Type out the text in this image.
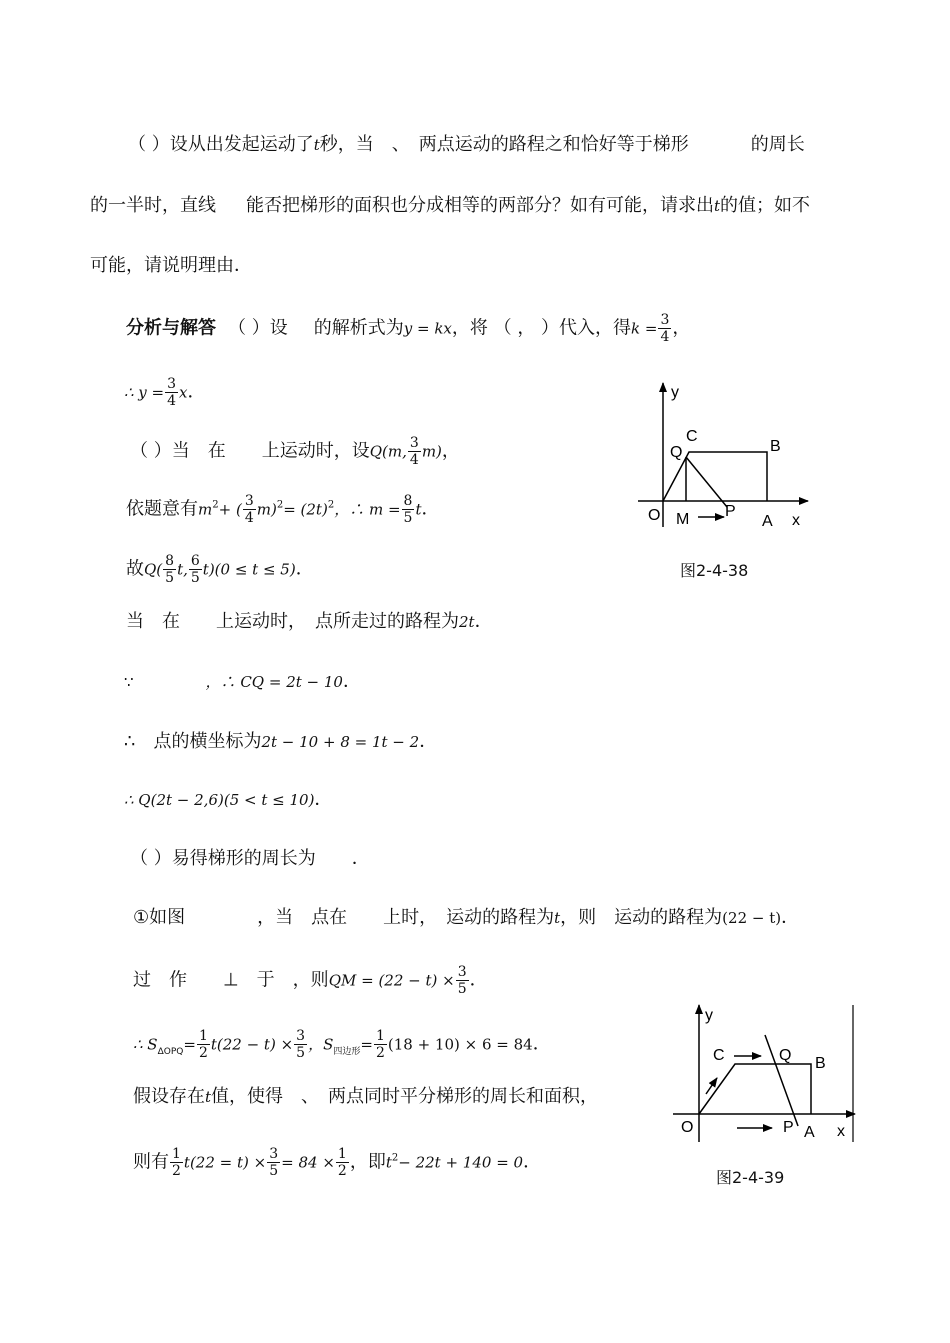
（ ）设从出发起运动了t秒，当　、　两点运动的路程之和恰好等于梯形	的周长
的一半时，直线 能否把梯形的面积也分成相等的两部分？如有可能，请求出t的值；如不
可能，请说明理由．
分析与解答 （ ）设 的解析式为y = kx，将 （ ， ）代入，得$k = \frac{3}{4}$ ，
∴ $y = \frac{3}{4}$ x．
（ ）当　在　　上运动时，设Q(m, $\frac{3}{4} m$)，
依题意有$m^2+$ ( $\frac{3}{4} m)^2= (2t)^2$，∴ $m = \frac{8}{5}$ t．
故$Q( \frac{8}{5} t$, $\frac{6}{5} t)(0 \le t \le 5)$．
当　在　　上运动时，　点所走过的路程为2t．
∵	，∴ CQ = 2t − 10．
∴　点的横坐标为2t − 10 + 8 = 1t − 2．
∴ Q(2t − 2,6)(5 < t ≤ 10)．
（ ）易得梯形的周长为　　．
①如图　　　　，当　点在　　上时，　运动的路程为t，则　运动的路程为(22 − t)．
过　作　　⊥　于　，则QM = $(22 - t) \times \frac{3}{5}$ ．
∴ $S_{\Delta OPQ}= \frac{1}{2} t(22 - t) \times \frac{3}{5}$ ，$S_{四边形}= \frac{1}{2} (18 + 10) \times 6 = 84$．
假设存在t值，使得　、　两点同时平分梯形的周长和面积，
则有 $\frac{1}{2} t(22 = t) \times \frac{3}{5} = 84 \times \frac{1}{2}$ ，即$t^2- 22t + 140 = 0$．
y
C
B
Q
O M P
A x
图2-4-38
y
C	Q B
O	P A x
图2-4-39
